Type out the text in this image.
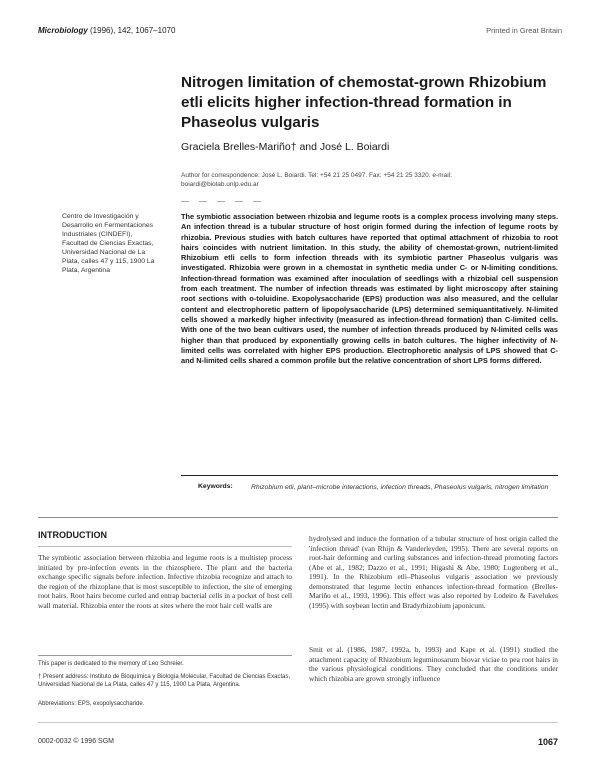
Microbiology (1996), 142, 1067–1070	Printed in Great Britain
Nitrogen limitation of chemostat-grown Rhizobium etli elicits higher infection-thread formation in Phaseolus vulgaris
Graciela Brelles-Mariño† and José L. Boiardi
Author for correspondence: José L. Boiardi. Tel: +54 21 25 0497. Fax: +54 21 25 3320. e-mail: boiardi@biolab.unlp.edu.ar
— — — — —
Centro de Investigación y Desarrollo en Fermentaciones Industriales (CINDEFI), Facultad de Ciencias Exactas, Universidad Nacional de La Plata, calles 47 y 115, 1900 La Plata, Argentina
The symbiotic association between rhizobia and legume roots is a complex process involving many steps. An infection thread is a tubular structure of host origin formed during the infection of legume roots by rhizobia. Previous studies with batch cultures have reported that optimal attachment of rhizobia to root hairs coincides with nutrient limitation. In this study, the ability of chemostat-grown, nutrient-limited Rhizobium etli cells to form infection threads with its symbiotic partner Phaseolus vulgaris was investigated. Rhizobia were grown in a chemostat in synthetic media under C- or N-limiting conditions. Infection-thread formation was examined after inoculation of seedlings with a rhizobial cell suspension from each treatment. The number of infection threads was estimated by light microscopy after staining root sections with o-toluidine. Exopolysaccharide (EPS) production was also measured, and the cellular content and electrophoretic pattern of lipopolysaccharide (LPS) determined semiquantitatively. N-limited cells showed a markedly higher infectivity (measured as infection-thread formation) than C-limited cells. With one of the two bean cultivars used, the number of infection threads produced by N-limited cells was higher than that produced by exponentially growing cells in batch cultures. The higher infectivity of N-limited cells was correlated with higher EPS production. Electrophoretic analysis of LPS showed that C- and N-limited cells shared a common profile but the relative concentration of short LPS forms differed.
Keywords:	Rhizobium etli, plant–microbe interactions, infection threads, Phaseolus vulgaris, nitrogen limitation
INTRODUCTION
The symbiotic association between rhizobia and legume roots is a multistep process initiated by pre-infection events in the rhizosphere. The plant and the bacteria exchange specific signals before infection. Infective rhizobia recognize and attach to the region of the rhizoplane that is most susceptible to infection, the site of emerging root hairs. Root hairs become curled and entrap bacterial cells in a pocket of host cell wall material. Rhizobia enter the roots at sites where the root hair cell walls are
hydrolysed and induce the formation of a tubular structure of host origin called the 'infection thread' (van Rhijn & Vanderleyden, 1995). There are several reports on root-hair deforming and curling substances and infection-thread promoting factors (Abe et al., 1982; Dazzo et al., 1991; Higashi & Abe, 1980; Lugtenberg et al., 1991). In the Rhizobium etli–Phaseolus vulgaris association we previously demonstrated that legume lectin enhances infection-thread formation (Brelles-Mariño et al., 1993, 1996). This effect was also reported by Lodeiro & Favelukes (1995) with soybean lectin and Bradyrhizobium japonicum.
Smit et al. (1986, 1987, 1992a, b, 1993) and Kape et al. (1991) studied the attachment capacity of Rhizobium leguminosarum biovar viciae to pea root hairs in the various physiological conditions. They concluded that the conditions under which rhizobia are grown strongly influence
This paper is dedicated to the memory of Leo Schreier.
† Present address: Instituto de Bioquímica y Biología Molecular, Facultad de Ciencias Exactas, Universidad Nacional de La Plata, calles 47 y 115, 1900 La Plata, Argentina.
Abbreviations: EPS, exopolysaccharide.
0002-0032 © 1996 SGM	1067
